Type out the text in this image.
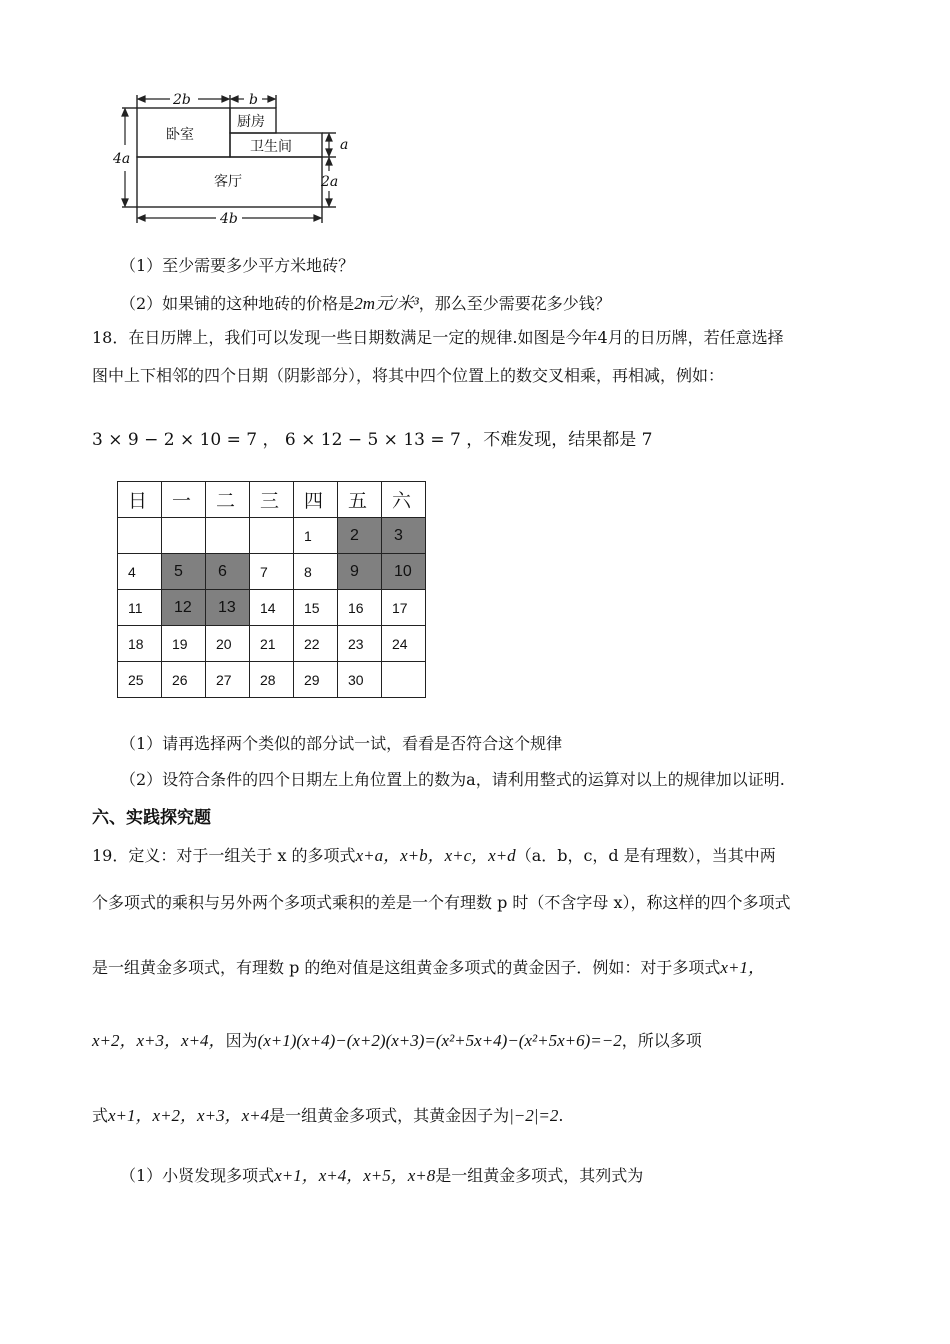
2b	b
4a
a
2a
4b
卧室
厨房
卫生间
客厅
（1）至少需要多少平方米地砖？
（2）如果铺的这种地砖的价格是2m元/米³，那么至少需要花多少钱？
18．在日历牌上，我们可以发现一些日期数满足一定的规律.如图是今年4月的日历牌，若任意选择
图中上下相邻的四个日期（阴影部分），将其中四个位置上的数交叉相乘，再相减，例如：
3 × 9 − 2 × 10 = 7 ， 6 × 12 − 5 × 13 = 7 ，不难发现，结果都是 7
日	一	二	三	四	五	六
				1	2	3
4	5	6	7	8	9	10
11	12	13	14	15	16	17
18	19	20	21	22	23	24
25	26	27	28	29	30	
（1）请再选择两个类似的部分试一试，看看是否符合这个规律
（2）设符合条件的四个日期左上角位置上的数为a，请利用整式的运算对以上的规律加以证明.
六、实践探究题
19．定义：对于一组关于 x 的多项式x+a，x+b，x+c，x+d（a．b，c，d 是有理数），当其中两
个多项式的乘积与另外两个多项式乘积的差是一个有理数 p 时（不含字母 x），称这样的四个多项式
是一组黄金多项式，有理数 p 的绝对值是这组黄金多项式的黄金因子．例如：对于多项式x+1，
x+2，x+3，x+4，因为(x+1)(x+4)−(x+2)(x+3)=(x²+5x+4)−(x²+5x+6)=−2，所以多项
式x+1，x+2，x+3，x+4是一组黄金多项式，其黄金因子为|−2|=2.
（1）小贤发现多项式x+1，x+4，x+5，x+8是一组黄金多项式，其列式为
